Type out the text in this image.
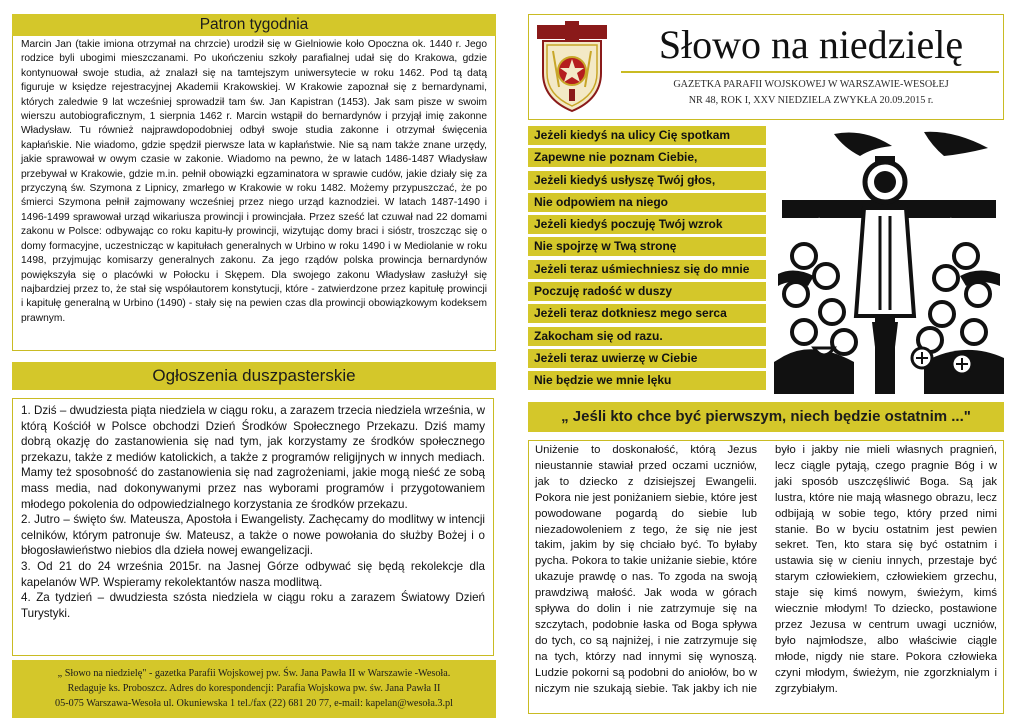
Patron tygodnia
Marcin Jan (takie imiona otrzymał na chrzcie) urodził się w Gielniowie koło Opoczna ok. 1440 r. Jego rodzice byli ubogimi mieszczanami. Po ukończeniu szkoły parafialnej udał się do Krakowa, gdzie kontynuował swoje studia, aż znalazł się na tamtejszym uniwersytecie w roku 1462. Pod tą datą figuruje w księdze rejestracyjnej Akademii Krakowskiej. W Krakowie zapoznał się z bernardynami, których zaledwie 9 lat wcześniej sprowadził tam św. Jan Kapistran (1453). Jak sam pisze w swoim wierszu autobiograficznym, 1 sierpnia 1462 r. Marcin wstąpił do bernardynów i przyjął imię zakonne Władysław. Tu również najprawdopodobniej odbył swoje studia zakonne i otrzymał święcenia kapłańskie. Nie wiadomo, gdzie spędził pierwsze lata w kapłaństwie. Nie są nam także znane urzędy, jakie sprawował w owym czasie w zakonie. Wiadomo na pewno, że w latach 1486-1487 Władysław przebywał w Krakowie, gdzie m.in. pełnił obowiązki egzaminatora w sprawie cudów, jakie działy się za przyczyną św. Szymona z Lipnicy, zmarłego w Krakowie w roku 1482. Możemy przypuszczać, że po śmierci Szymona pełnił zajmowany wcześniej przez niego urząd kaznodziei. W latach 1487-1490 i 1496-1499 sprawował urząd wikariusza prowincji i prowincjała. Przez sześć lat czuwał nad 22 domami zakonu w Polsce: odbywając co roku kapitu-ły prowincji, wizytując domy braci i sióstr, troszcząc się o domy formacyjne, uczestnicząc w kapitułach generalnych w Urbino w roku 1490 i w Mediolanie w roku 1498, przyjmując komisarzy generalnych zakonu. Za jego rządów polska prowincja bernardynów powiększyła się o placówki w Połocku i Skępem. Dla swojego zakonu Władysław zasłużył się najbardziej przez to, że stał się współautorem konstytucji, które - zatwierdzone przez kapitułę prowincji i kapitułę generalną w Urbino (1490) - stały się na pewien czas dla prowincji obowiązkowym kodeksem prawnym.
Ogłoszenia duszpasterskie

1. Dziś – dwudziesta piąta niedziela w ciągu roku, a zarazem trzecia niedziela września, w którą Kościół w Polsce obchodzi Dzień Środków Społecznego Przekazu. Dziś mamy dobrą okazję do zastanowienia się nad tym, jak korzystamy ze środków społecznego przekazu, także z mediów katolickich, a także z programów religijnych w innych mediach. Mamy też sposobność do zastanowienia się nad zagrożeniami, jakie mogą nieść ze sobą mass media, nad dokonywanymi przez nas wyborami programów i przygotowaniem młodego pokolenia do odpowiedzialnego korzystania ze środków przekazu.

2. Jutro – święto św. Mateusza, Apostoła i Ewangelisty. Zachęcamy do modlitwy w intencji celników, którym patronuje św. Mateusz, a także o nowe powołania do służby Bożej i o błogosławieństwo niebios dla dzieła nowej ewangelizacji.

3. Od 21 do 24 września 2015r. na Jasnej Górze odbywać się będą rekolekcje dla kapelanów WP. Wspieramy rekolektantów nasza modlitwą.

4. Za tydzień – dwudziesta szósta niedziela w ciągu roku a zarazem Światowy Dzień Turystyki.

„ Słowo na niedzielę" - gazetka Parafii Wojskowej pw. Św. Jana Pawła II w Warszawie -Wesoła.
Redaguje ks. Proboszcz. Adres do korespondencji: Parafia Wojskowa pw. św. Jana Pawła II
05-075 Warszawa-Wesoła ul. Okuniewska 1 tel./fax (22) 681 20 77, e-mail: kapelan@wesoła.3.pl
Słowo na niedzielę
GAZETKA PARAFII WOJSKOWEJ W WARSZAWIE-WESOŁEJ
NR 48, ROK I, XXV NIEDZIELA ZWYKŁA 20.09.2015 r.
Jeżeli kiedyś na ulicy Cię spotkam
Zapewne nie poznam Ciebie,
Jeżeli kiedyś usłyszę Twój głos,
Nie odpowiem na niego
Jeżeli kiedyś poczuję Twój wzrok
Nie spojrzę w Twą stronę
Jeżeli teraz uśmiechniesz się do mnie
Poczuję radość w duszy
Jeżeli teraz dotkniesz mego serca
Zakocham się od razu.
Jeżeli teraz uwierzę w Ciebie
Nie będzie we mnie lęku
„ Jeśli kto chce być pierwszym, niech będzie ostatnim ..."
Uniżenie to doskonałość, którą Jezus nieustannie stawiał przed oczami uczniów, jak to dziecko z dzisiejszej Ewangelii. Pokora nie jest poniżaniem siebie, które jest powodowane pogardą do siebie lub niezadowoleniem z tego, że się nie jest takim, jakim by się chciało być. To byłaby pycha. Pokora to takie uniżanie siebie, które ukazuje prawdę o nas. To zgoda na swoją prawdziwą małość. Jak woda w górach spływa do dolin i nie zatrzymuje się na szczytach, podobnie łaska od Boga spływa do tych, co są najniżej, i nie zatrzymuje się na tych, którzy nad innymi się wynoszą. Ludzie pokorni są podobni do aniołów, bo w niczym nie szukają siebie. Tak jakby ich nie było i jakby nie mieli własnych pragnień, lecz ciągle pytają, czego pragnie Bóg i w jaki sposób uszczęśliwić Boga. Są jak lustra, które nie mają własnego obrazu, lecz odbijają w sobie tego, który przed nimi stanie. Bo w byciu ostatnim jest pewien sekret. Ten, kto stara się być ostatnim i ustawia się w cieniu innych, przestaje być starym człowiekiem, człowiekiem grzechu, staje się kimś nowym, świeżym, kimś wiecznie młodym! To dziecko, postawione przez Jezusa w centrum uwagi uczniów, było najmłodsze, albo właściwie ciągle młode, nigdy nie stare. Pokora człowieka czyni młodym, świeżym, nie zgorzknialym i zgrzybiałym.
